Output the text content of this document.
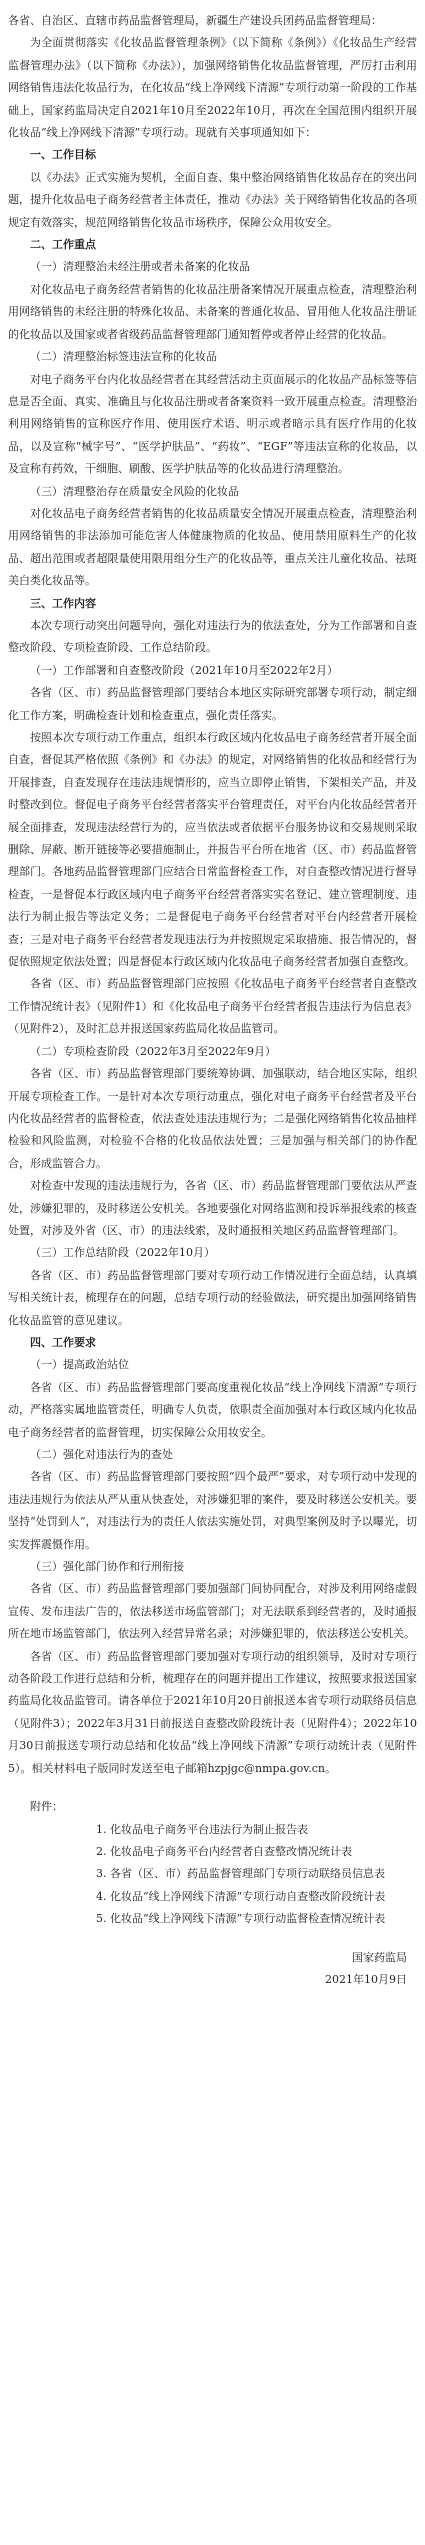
各省、自治区、直辖市药品监督管理局，新疆生产建设兵团药品监督管理局：

为全面贯彻落实《化妆品监督管理条例》（以下简称《条例》）《化妆品生产经营监督管理办法》（以下简称《办法》），加强网络销售化妆品监督管理，严厉打击利用网络销售违法化妆品行为，在化妆品“线上净网线下清源”专项行动第一阶段的工作基础上，国家药监局决定自2021年10月至2022年10月，再次在全国范围内组织开展化妆品“线上净网线下清源”专项行动。现就有关事项通知如下：

一、工作目标

以《办法》正式实施为契机，全面自查、集中整治网络销售化妆品存在的突出问题，提升化妆品电子商务经营者主体责任，推动《办法》关于网络销售化妆品的各项规定有效落实，规范网络销售化妆品市场秩序，保障公众用妆安全。

二、工作重点

（一）清理整治未经注册或者未备案的化妆品

对化妆品电子商务经营者销售的化妆品注册备案情况开展重点检查，清理整治利用网络销售的未经注册的特殊化妆品、未备案的普通化妆品、冒用他人化妆品注册证的化妆品以及国家或者省级药品监督管理部门通知暂停或者停止经营的化妆品。

（二）清理整治标签违法宣称的化妆品

对电子商务平台内化妆品经营者在其经营活动主页面展示的化妆品产品标签等信息是否全面、真实、准确且与化妆品注册或者备案资料一致开展重点检查。清理整治利用网络销售的宣称医疗作用、使用医疗术语、明示或者暗示具有医疗作用的化妆品，以及宣称“械字号”、“医学护肤品”、“药妆”、“EGF”等违法宣称的化妆品，以及宣称有药效，干细胞、刷酸、医学护肤品等的化妆品进行清理整治。

（三）清理整治存在质量安全风险的化妆品

对化妆品电子商务经营者销售的化妆品质量安全情况开展重点检查，清理整治利用网络销售的非法添加可能危害人体健康物质的化妆品、使用禁用原料生产的化妆品、超出范围或者超限量使用限用组分生产的化妆品等，重点关注儿童化妆品、祛斑美白类化妆品等。

三、工作内容

本次专项行动突出问题导向，强化对违法行为的依法查处，分为工作部署和自查整改阶段、专项检查阶段、工作总结阶段。

（一）工作部署和自查整改阶段（2021年10月至2022年2月）

各省（区、市）药品监督管理部门要结合本地区实际研究部署专项行动，制定细化工作方案，明确检查计划和检查重点，强化责任落实。

按照本次专项行动工作重点，组织本行政区域内化妆品电子商务经营者开展全面自查，督促其严格依照《条例》和《办法》的规定，对网络销售的化妆品和经营行为开展排查，自查发现存在违法违规情形的，应当立即停止销售，下架相关产品，并及时整改到位。督促电子商务平台经营者落实平台管理责任，对平台内化妆品经营者开展全面排查，发现违法经营行为的，应当依法或者依据平台服务协议和交易规则采取删除、屏蔽、断开链接等必要措施制止，并报告平台所在地省（区、市）药品监督管理部门。各地药品监督管理部门应结合日常监督检查工作，对自查整改情况进行督导检查，一是督促本行政区域内电子商务平台经营者落实实名登记、建立管理制度、违法行为制止报告等法定义务；二是督促电子商务平台经营者对平台内经营者开展检查；三是对电子商务平台经营者发现违法行为并按照规定采取措施、报告情况的，督促依照规定依法处置；四是督促本行政区域内化妆品电子商务经营者加强自查整改。

各省（区、市）药品监督管理部门应按照《化妆品电子商务平台经营者自查整改工作情况统计表》（见附件1）和《化妆品电子商务平台经营者报告违法行为信息表》（见附件2），及时汇总并报送国家药监局化妆品监管司。

（二）专项检查阶段（2022年3月至2022年9月）

各省（区、市）药品监督管理部门要统筹协调、加强联动，结合地区实际，组织开展专项检查工作。一是针对本次专项行动重点，强化对电子商务平台经营者及平台内化妆品经营者的监督检查，依法查处违法违规行为；二是强化网络销售化妆品抽样检验和风险监测，对检验不合格的化妆品依法处置；三是加强与相关部门的协作配合，形成监管合力。

对检查中发现的违法违规行为，各省（区、市）药品监督管理部门要依法从严查处，涉嫌犯罪的，及时移送公安机关。各地要强化对网络监测和投诉举报线索的核查处置，对涉及外省（区、市）的违法线索，及时通报相关地区药品监督管理部门。

（三）工作总结阶段（2022年10月）

各省（区、市）药品监督管理部门要对专项行动工作情况进行全面总结，认真填写相关统计表，梳理存在的问题，总结专项行动的经验做法，研究提出加强网络销售化妆品监管的意见建议。

四、工作要求

（一）提高政治站位

各省（区、市）药品监督管理部门要高度重视化妆品“线上净网线下清源”专项行动，严格落实属地监管责任，明确专人负责，依职责全面加强对本行政区域内化妆品电子商务经营者的监督管理，切实保障公众用妆安全。

（二）强化对违法行为的查处

各省（区、市）药品监督管理部门要按照“四个最严”要求，对专项行动中发现的违法违规行为依法从严从重从快查处，对涉嫌犯罪的案件，要及时移送公安机关。要坚持“处罚到人”，对违法行为的责任人依法实施处罚，对典型案例及时予以曝光，切实发挥震慑作用。

（三）强化部门协作和行刑衔接

各省（区、市）药品监督管理部门要加强部门间协同配合，对涉及利用网络虚假宣传、发布违法广告的，依法移送市场监管部门；对无法联系到经营者的，及时通报所在地市场监管部门，依法列入经营异常名录；对涉嫌犯罪的，依法移送公安机关。

各省（区、市）药品监督管理部门要加强对专项行动的组织领导，及时对专项行动各阶段工作进行总结和分析，梳理存在的问题并提出工作建议，按照要求报送国家药监局化妆品监管司。请各单位于2021年10月20日前报送本省专项行动联络员信息（见附件3）；2022年3月31日前报送自查整改阶段统计表（见附件4）；2022年10月30日前报送专项行动总结和化妆品“线上净网线下清源”专项行动统计表（见附件5）。相关材料电子版同时发送至电子邮箱hzpjgc@nmpa.gov.cn。

附件：

1. 化妆品电子商务平台违法行为制止报告表
2. 化妆品电子商务平台内经营者自查整改情况统计表
3. 各省（区、市）药品监督管理部门专项行动联络员信息表
4. 化妆品“线上净网线下清源”专项行动自查整改阶段统计表
5. 化妆品“线上净网线下清源”专项行动监督检查情况统计表

国家药监局

2021年10月9日
